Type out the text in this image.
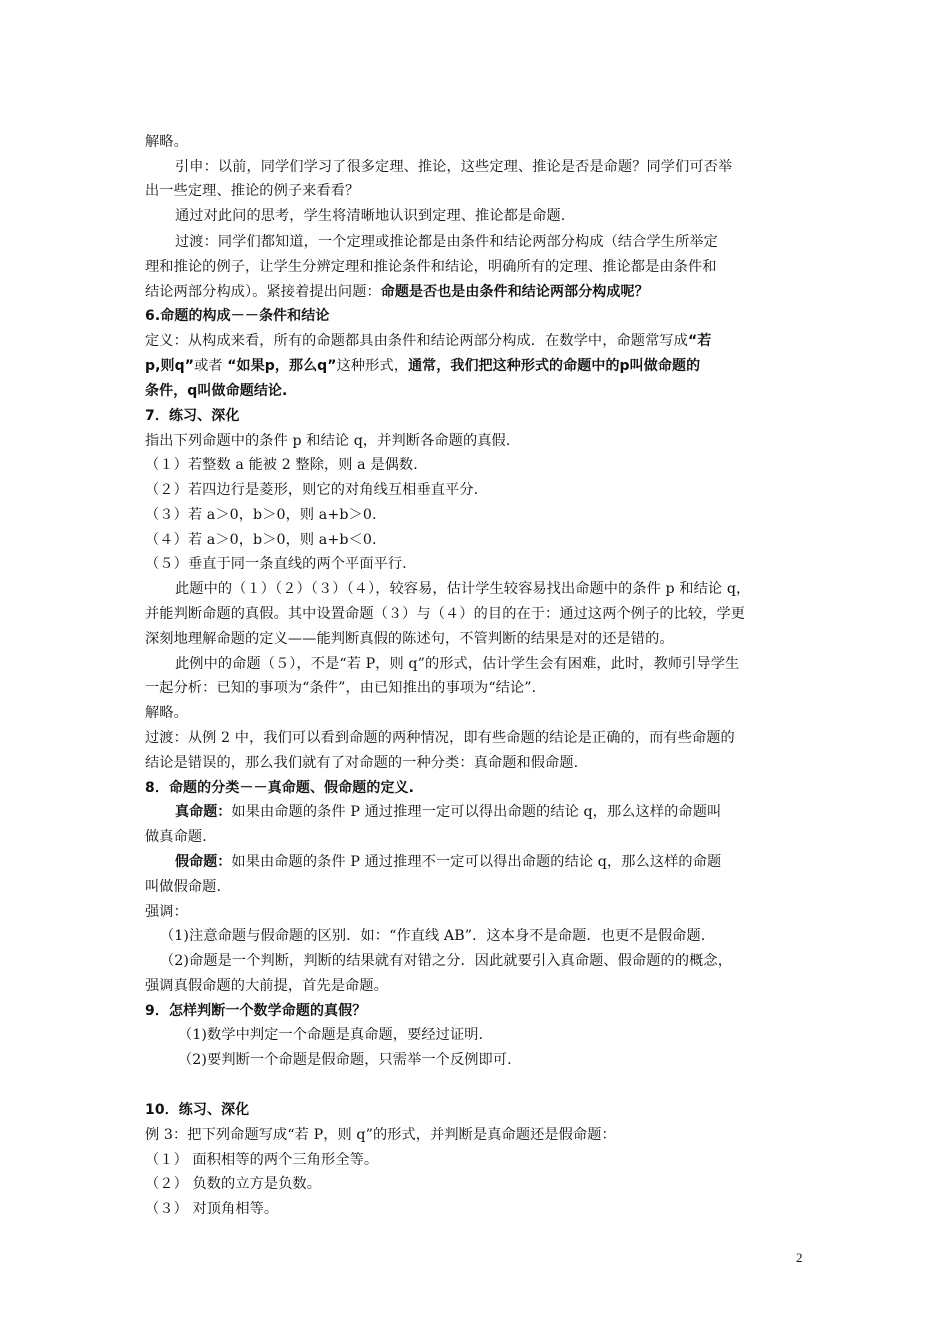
解略。
引申：以前，同学们学习了很多定理、推论，这些定理、推论是否是命题？同学们可否举
出一些定理、推论的例子来看看？
通过对此问的思考，学生将清晰地认识到定理、推论都是命题.
过渡：同学们都知道，一个定理或推论都是由条件和结论两部分构成（结合学生所举定
理和推论的例子，让学生分辨定理和推论条件和结论，明确所有的定理、推论都是由条件和
结论两部分构成）。紧接着提出问题：命题是否也是由条件和结论两部分构成呢？
6.命题的构成－－条件和结论
定义：从构成来看，所有的命题都具由条件和结论两部分构成．在数学中，命题常写成“若
p,则q”或者 “如果p，那么q”这种形式，通常，我们把这种形式的命题中的p叫做命题的
条件，q叫做命题结论.
7．练习、深化
指出下列命题中的条件 p 和结论 q，并判断各命题的真假.
（１）若整数 a 能被 2 整除，则 a 是偶数.
（２）若四边行是菱形，则它的对角线互相垂直平分.
（３）若 a＞0，b＞0，则 a+b＞0.
（４）若 a＞0，b＞0，则 a+b＜0.
（５）垂直于同一条直线的两个平面平行.
此题中的（１）（２）（３）（４），较容易，估计学生较容易找出命题中的条件 p 和结论 q，
并能判断命题的真假。其中设置命题（３）与（４）的目的在于：通过这两个例子的比较，学更
深刻地理解命题的定义——能判断真假的陈述句，不管判断的结果是对的还是错的。
此例中的命题（５），不是“若 P，则 q”的形式，估计学生会有困难，此时，教师引导学生
一起分析：已知的事项为“条件”，由已知推出的事项为“结论”．
解略。
过渡：从例 2 中，我们可以看到命题的两种情况，即有些命题的结论是正确的，而有些命题的
结论是错误的，那么我们就有了对命题的一种分类：真命题和假命题.
8．命题的分类－－真命题、假命题的定义.
真命题：如果由命题的条件 P 通过推理一定可以得出命题的结论 q，那么这样的命题叫
做真命题.
假命题：如果由命题的条件 P 通过推理不一定可以得出命题的结论 q，那么这样的命题
叫做假命题.
强调：
（1)注意命题与假命题的区别．如：“作直线 AB”．这本身不是命题．也更不是假命题.
（2)命题是一个判断，判断的结果就有对错之分．因此就要引入真命题、假命题的的概念，
强调真假命题的大前提，首先是命题。
9．怎样判断一个数学命题的真假？
（1)数学中判定一个命题是真命题，要经过证明.
（2)要判断一个命题是假命题，只需举一个反例即可.
10．练习、深化
例 3：把下列命题写成“若 P，则 q”的形式，并判断是真命题还是假命题：
（１） 面积相等的两个三角形全等。
（２） 负数的立方是负数。
（３） 对顶角相等。
2
